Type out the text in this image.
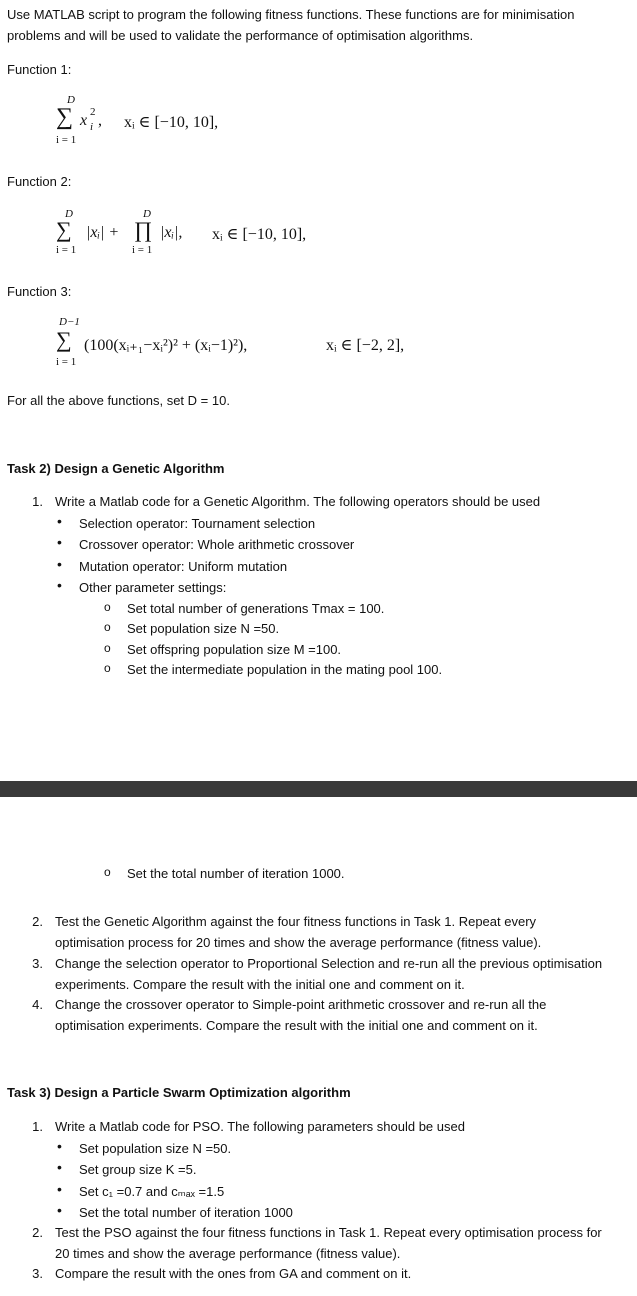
Use MATLAB script to program the following fitness functions. These functions are for minimisation
problems and will be used to validate the performance of optimisation algorithms.
Function 1:
D
∑
i = 1
x 2
i , xᵢ ∈ [−10, 10],
Function 2:
D
∑
i = 1
|xᵢ| +
D
∏
i = 1
|xᵢ|, xᵢ ∈ [−10, 10],
Function 3:
D−1
∑
i = 1
(100(xᵢ₊₁−xᵢ²)² + (xᵢ−1)²),	xᵢ ∈ [−2, 2],
For all the above functions, set D = 10.
Task 2) Design a Genetic Algorithm
1. Write a Matlab code for a Genetic Algorithm. The following operators should be used
• Selection operator: Tournament selection
• Crossover operator: Whole arithmetic crossover
• Mutation operator: Uniform mutation
• Other parameter settings:
o Set total number of generations Tmax = 100.
o Set population size N =50.
o Set offspring population size M =100.
o Set the intermediate population in the mating pool 100.
o Set the total number of iteration 1000.
2. Test the Genetic Algorithm against the four fitness functions in Task 1. Repeat every
optimisation process for 20 times and show the average performance (fitness value).
3. Change the selection operator to Proportional Selection and re-run all the previous optimisation
experiments. Compare the result with the initial one and comment on it.
4. Change the crossover operator to Simple-point arithmetic crossover and re-run all the
optimisation experiments. Compare the result with the initial one and comment on it.
Task 3) Design a Particle Swarm Optimization algorithm
1. Write a Matlab code for PSO. The following parameters should be used
• Set population size N =50.
• Set group size K =5.
• Set c₁ =0.7 and cₘₐₓ =1.5
• Set the total number of iteration 1000
2. Test the PSO against the four fitness functions in Task 1. Repeat every optimisation process for
20 times and show the average performance (fitness value).
3. Compare the result with the ones from GA and comment on it.
